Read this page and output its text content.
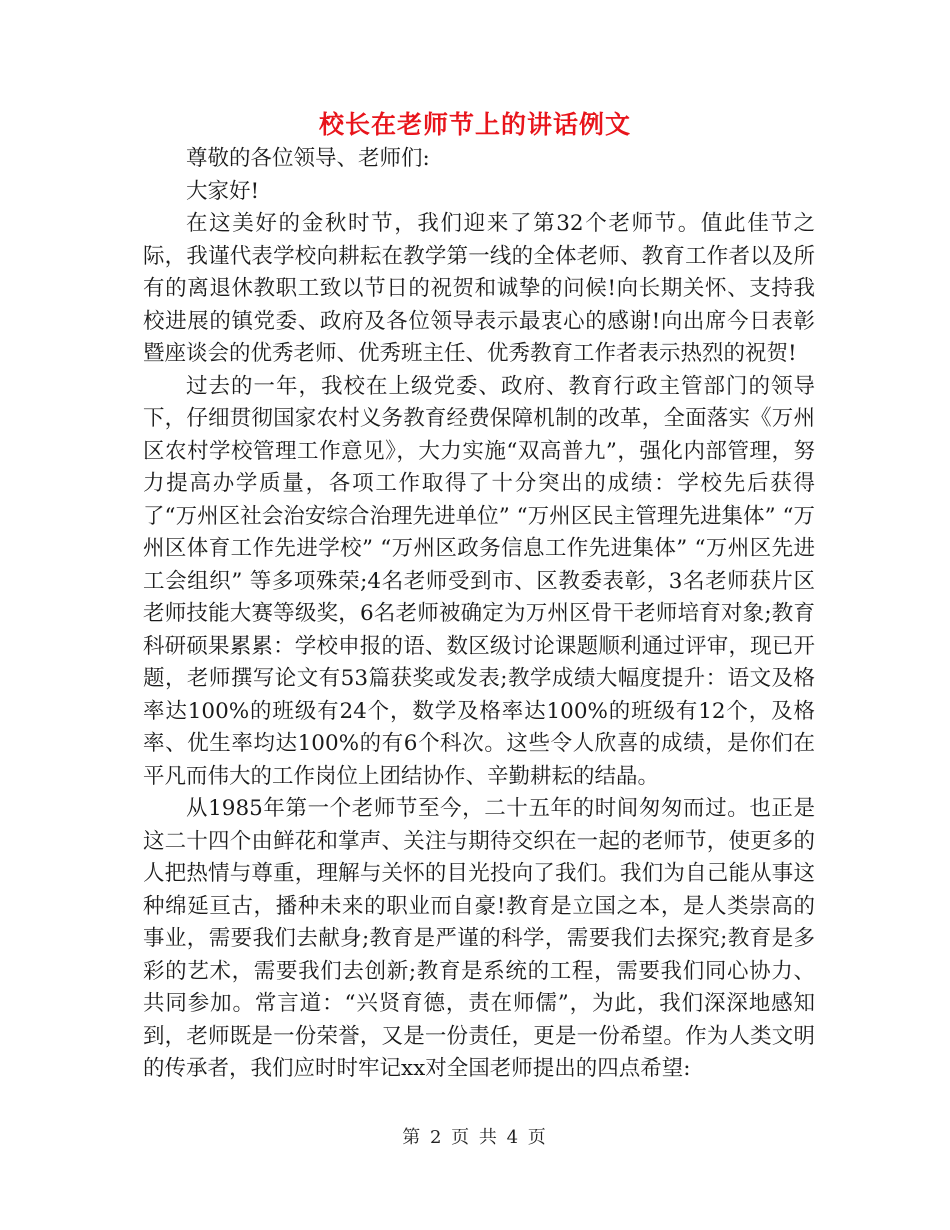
校长在老师节上的讲话例文

尊敬的各位领导、老师们:

大家好!

在这美好的金秋时节，我们迎来了第32个老师节。值此佳节之际，我谨代表学校向耕耘在教学第一线的全体老师、教育工作者以及所有的离退休教职工致以节日的祝贺和诚挚的问候!向长期关怀、支持我校进展的镇党委、政府及各位领导表示最衷心的感谢!向出席今日表彰暨座谈会的优秀老师、优秀班主任、优秀教育工作者表示热烈的祝贺!

过去的一年，我校在上级党委、政府、教育行政主管部门的领导下，仔细贯彻国家农村义务教育经费保障机制的改革，全面落实《万州区农村学校管理工作意见》，大力实施“双高普九”，强化内部管理，努力提高办学质量，各项工作取得了十分突出的成绩：学校先后获得了“万州区社会治安综合治理先进单位” “万州区民主管理先进集体” “万州区体育工作先进学校” “万州区政务信息工作先进集体” “万州区先进工会组织” 等多项殊荣;4名老师受到市、区教委表彰，3名老师获片区老师技能大赛等级奖，6名老师被确定为万州区骨干老师培育对象;教育科研硕果累累：学校申报的语、数区级讨论课题顺利通过评审，现已开题，老师撰写论文有53篇获奖或发表;教学成绩大幅度提升：语文及格率达100%的班级有24个，数学及格率达100%的班级有12个，及格率、优生率均达100%的有6个科次。这些令人欣喜的成绩，是你们在平凡而伟大的工作岗位上团结协作、辛勤耕耘的结晶。

从1985年第一个老师节至今，二十五年的时间匆匆而过。也正是这二十四个由鲜花和掌声、关注与期待交织在一起的老师节，使更多的人把热情与尊重，理解与关怀的目光投向了我们。我们为自己能从事这种绵延亘古，播种未来的职业而自豪!教育是立国之本，是人类崇高的事业，需要我们去献身;教育是严谨的科学，需要我们去探究;教育是多彩的艺术，需要我们去创新;教育是系统的工程，需要我们同心协力、共同参加。常言道：“兴贤育德，责在师儒”，为此，我们深深地感知到，老师既是一份荣誉，又是一份责任，更是一份希望。作为人类文明的传承者，我们应时时牢记xx对全国老师提出的四点希望:

第 2 页 共 4 页
